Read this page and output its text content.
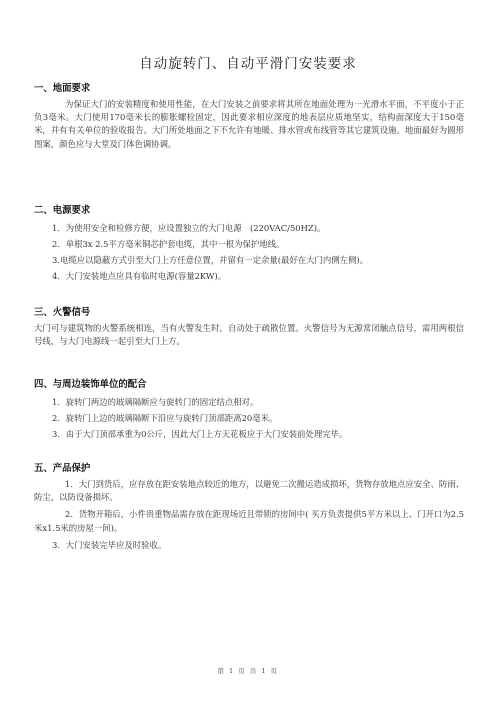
自动旋转门、自动平滑门安装要求
一、地面要求

为保证大门的安装精度和使用性能，在大门安装之前要求将其所在地面处理为一光滑水平面，不平度小于正负3毫米。大门使用170毫米长的膨胀螺栓固定，因此要求相应深度的地表层应质地坚实，结构面深度大于150毫米，并有有关单位的验收报告。大门所处地面之下不允许有地暖、排水管或布线管等其它建筑设施。地面最好为圆形图案，颜色应与大堂及门体色调协调。

二、电源要求

1．为使用安全和检修方便，应设置独立的大门电源　(220VAC/50HZ)。

2．单根3x 2.5平方毫米铜芯护套电缆，其中一根为保护地线。

3.电缆应以隐蔽方式引至大门上方任意位置，并留有一定余量(最好在大门内侧左侧)。

4．大门安装地点应具有临时电源(容量2KW)。

三、火警信号

大门可与建筑物的火警系统相连，当有火警发生时，自动处于疏散位置。火警信号为无源常闭触点信号，需用两根信号线，与大门电源线一起引至大门上方。

四、与周边装饰单位的配合

1．旋转门两边的玻璃隔断应与旋转门的固定结点相对。

2．旋转门上边的玻璃隔断下沿应与旋转门顶部距离20毫米。

3．由于大门顶部承重为0公斤，因此大门上方天花板应于大门安装前处理完毕。

五、产品保护

1．大门到货后，应存放在距安装地点较近的地方，以避免二次搬运造成损坏，货物存放地点应安全、防雨、防尘，以防设备损坏。

2．货物开箱后，小件贵重物品需存放在距现场近且带锁的房间中( 买方负责提供5平方米以上、门开口为2.5米x1.5米的房屋一间)。

3．大门安装完毕应及时验收。

第 1 页 共 1 页
